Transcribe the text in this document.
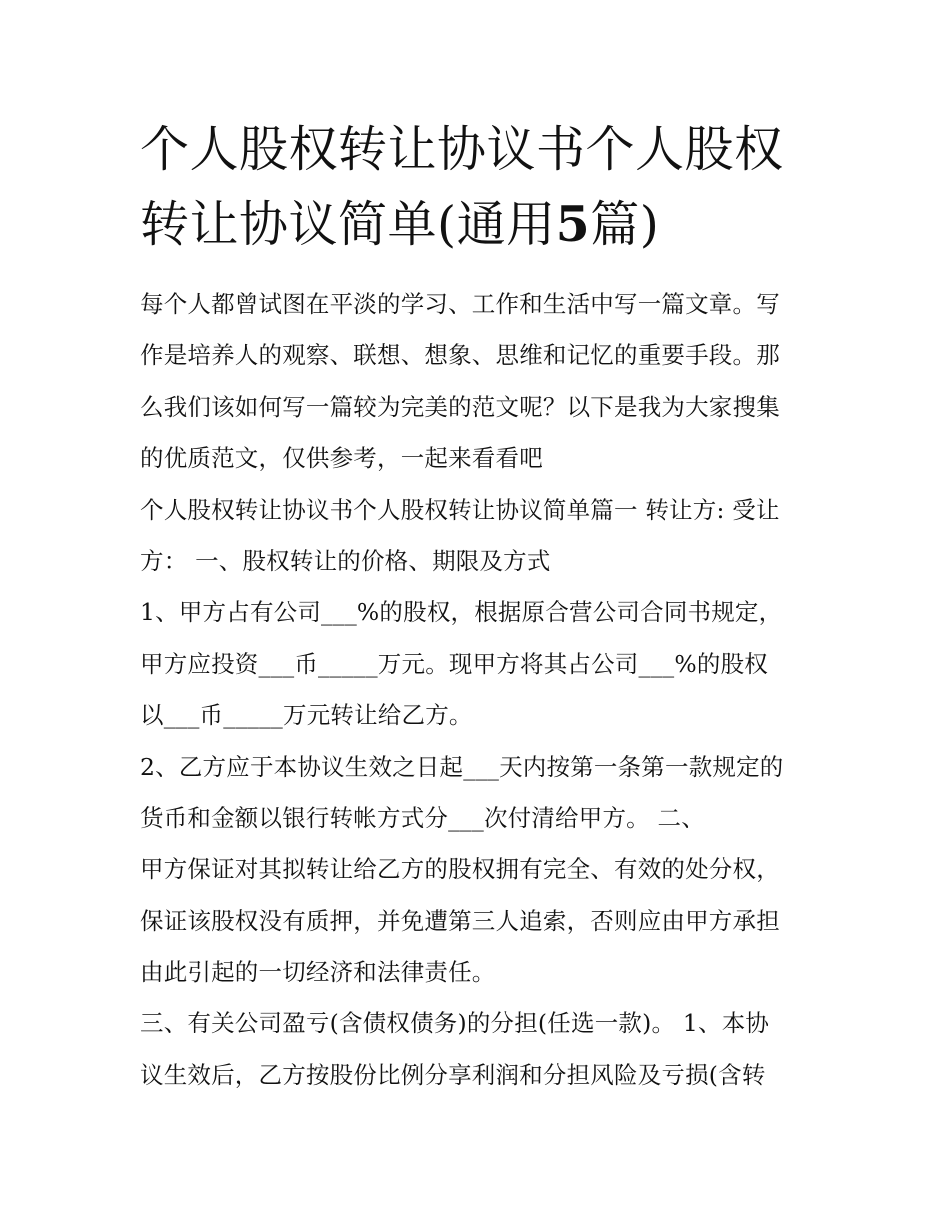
个人股权转让协议书个人股权
转让协议简单(通用5篇)
每个人都曾试图在平淡的学习、工作和生活中写一篇文章。写
作是培养人的观察、联想、想象、思维和记忆的重要手段。那
么我们该如何写一篇较为完美的范文呢？以下是我为大家搜集
的优质范文，仅供参考，一起来看看吧
个人股权转让协议书个人股权转让协议简单篇一 转让方: 受让
方： 一、股权转让的价格、期限及方式
1、甲方占有公司___%的股权，根据原合营公司合同书规定，
甲方应投资___币_____万元。现甲方将其占公司___%的股权
以___币_____万元转让给乙方。
2、乙方应于本协议生效之日起___天内按第一条第一款规定的
货币和金额以银行转帐方式分___次付清给甲方。 二、
甲方保证对其拟转让给乙方的股权拥有完全、有效的处分权，
保证该股权没有质押，并免遭第三人追索，否则应由甲方承担
由此引起的一切经济和法律责任。
三、有关公司盈亏(含债权债务)的分担(任选一款)。 1、本协
议生效后，乙方按股份比例分享利润和分担风险及亏损(含转
